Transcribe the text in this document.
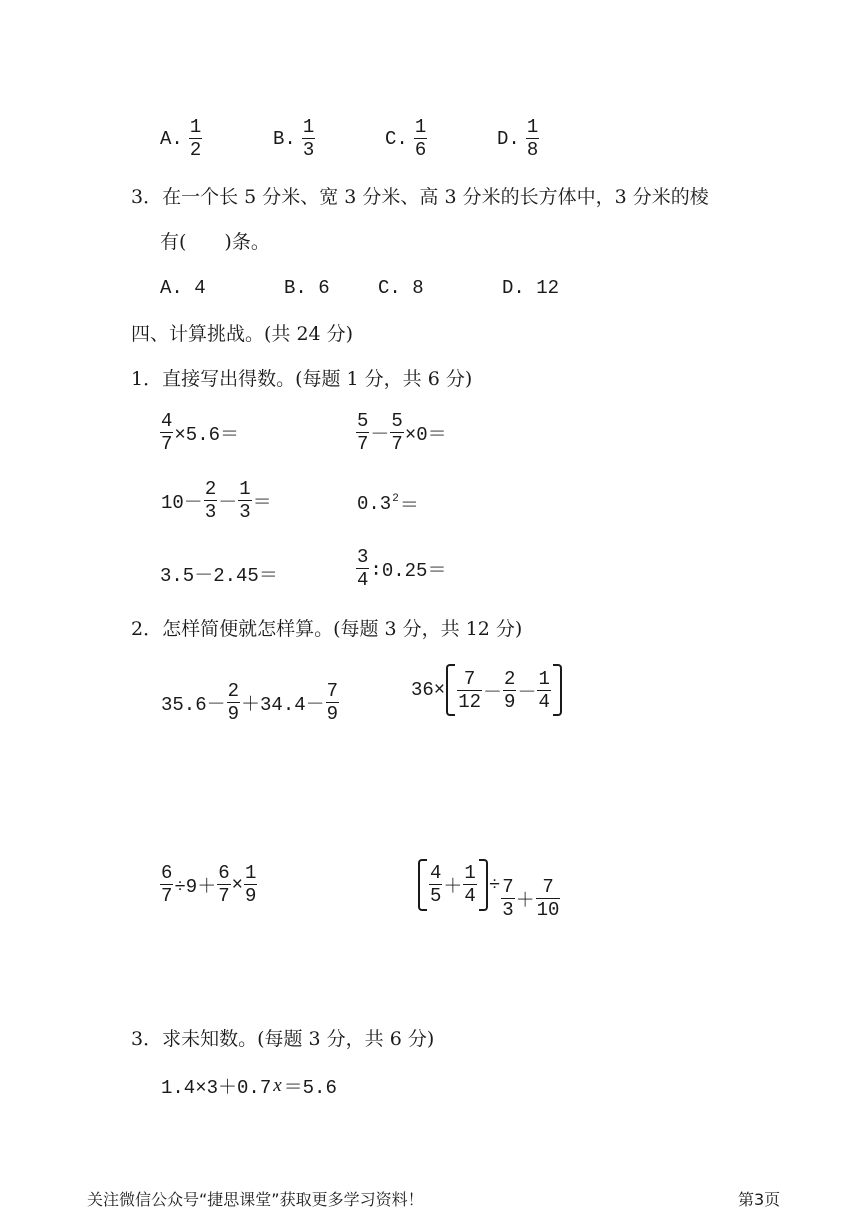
A. $\frac{1}{2}$	B. $\frac{1}{3}$	C. $\frac{1}{6}$	D. $\frac{1}{8}$
3．在一个长 5 分米、宽 3 分米、高 3 分米的长方体中，3 分米的棱
有(　　)条。
A. 4	B. 6	C. 8	D. 12
四、计算挑战。(共 24 分)
1．直接写出得数。(每题 1 分，共 6 分)
$\frac{4}{7} \times 5.6=$	$\frac{5}{7} - \frac{5}{7} \times 0=$
$10- \frac{2}{3} - \frac{1}{3}$ ＝	$0.3^2$ ＝
3.5－2.45＝	$\frac{3}{4}$ ∶0.25＝
2．怎样简便就怎样算。(每题 3 分，共 12 分)
$35.6- \frac{2}{9} +34.4- \frac{7}{9}$	$36\times \frac{7}{12} - \frac{2}{9} - \frac{1}{4}$
$\frac{6}{7} \div 9+ \frac{6}{7} \times \frac{1}{9}$	$\frac{4}{5} + \frac{1}{4} \div \frac{7}{3} + \frac{7}{10}$
3．求未知数。(每题 3 分，共 6 分)
1.4×3＋0.7 x ＝5.6
关注微信公众号“捷思课堂”获取更多学习资料！	第3页
